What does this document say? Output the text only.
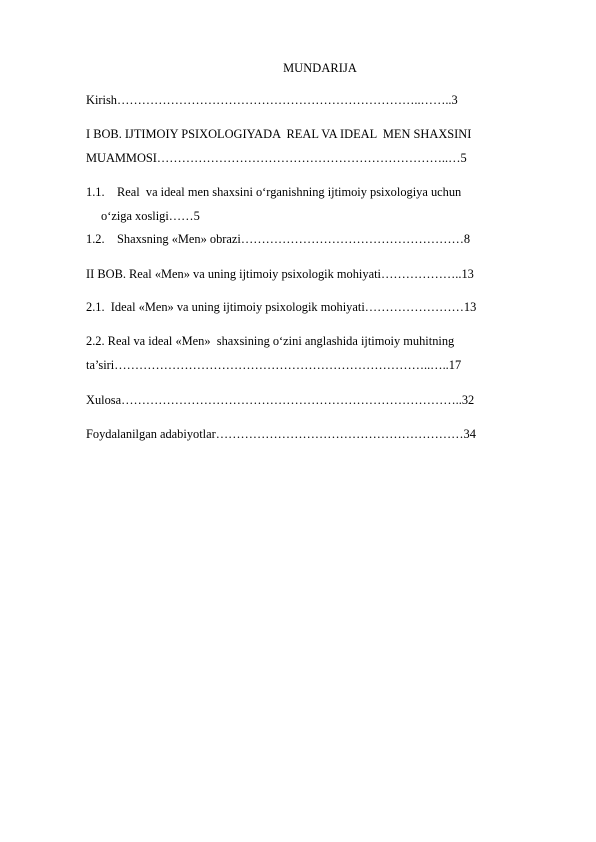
MUNDARIJA
Kirish………………………………………………………………..……..3
I BOB. IJTIMOIY PSIXOLOGIYADA  REAL VA IDEAL  MEN SHAXSINI
MUAMMOSI……………………………………………………………..…5
1.1.    Real  va ideal men shaxsini oʻrganishning ijtimoiy psixologiya uchun
oʻziga xosligi……5
1.2.    Shaxsning «Men» obrazi………………………………………………8
II BOB. Real «Men» va uning ijtimoiy psixologik mohiyati………………..13
2.1.  Ideal «Men» va uning ijtimoiy psixologik mohiyati……………………13
2.2. Real va ideal «Men»  shaxsining oʻzini anglashida ijtimoiy muhitning
ta’siri…………………………………………………………………..…..17
Xulosa………………………………………………………………………..32
Foydalanilgan adabiyotlar……………………………………………………34
